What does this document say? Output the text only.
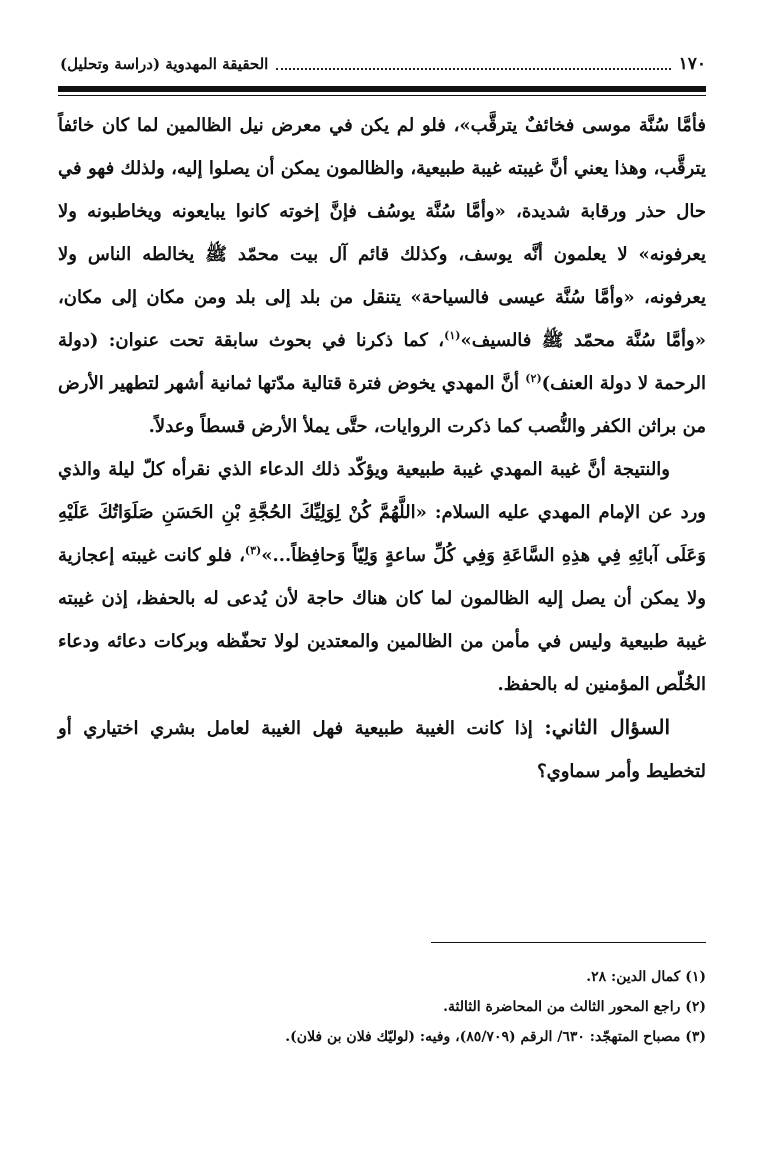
١٧٠
الحقيقة المهدوية (دراسة وتحليل)

فأمَّا سُنَّة موسى فخائفٌ يترقَّب»، فلو لم يكن في معرض نيل الظالمين لما كان خائفاً يترقَّب، وهذا يعني أنَّ غيبته غيبة طبيعية، والظالمون يمكن أن يصلوا إليه، ولذلك فهو في حال حذر ورقابة شديدة، «وأمَّا سُنَّة يوسُف فإنَّ إخوته كانوا يبايعونه ويخاطبونه ولا يعرفونه» لا يعلمون أنَّه يوسف، وكذلك قائم آل بيت محمّد ﷺ يخالطه الناس ولا يعرفونه، «وأمَّا سُنَّة عيسى فالسياحة» يتنقل من بلد إلى بلد ومن مكان إلى مكان، «وأمَّا سُنَّة محمّد ﷺ فالسيف»$^{(١)}$، كما ذكرنا في بحوث سابقة تحت عنوان: (دولة الرحمة لا دولة العنف)$^{(٢)}$ أنَّ المهدي يخوض فترة قتالية مدّتها ثمانية أشهر لتطهير الأرض من براثن الكفر والنُّصب كما ذكرت الروايات، حتَّى يملأ الأرض قسطاً وعدلاً.

والنتيجة أنَّ غيبة المهدي غيبة طبيعية ويؤكّد ذلك الدعاء الذي نقرأه كلّ ليلة والذي ورد عن الإمام المهدي عليه السلام: «اللَّهُمَّ كُنْ لِوَلِيِّكَ الحُجَّةِ بْنِ الحَسَنِ صَلَوَاتُكَ عَلَيْهِ وَعَلَى آبائِهِ فِي هذِهِ السَّاعَةِ وَفِي كُلِّ ساعةٍ وَلِيّاً وَحافِظاً...»$^{(٣)}$، فلو كانت غيبته إعجازية ولا يمكن أن يصل إليه الظالمون لما كان هناك حاجة لأن يُدعى له بالحفظ، إذن غيبته غيبة طبيعية وليس في مأمن من الظالمين والمعتدين لولا تحفّظه وبركات دعائه ودعاء الخُلّص المؤمنين له بالحفظ.

السؤال الثاني: إذا كانت الغيبة طبيعية فهل الغيبة لعامل بشري اختياري أو لتخطيط وأمر سماوي؟

(١) كمال الدين: ٢٨.
(٢) راجع المحور الثالث من المحاضرة الثالثة.
(٣) مصباح المتهجّد: ٦٣٠/ الرقم (٨٥/٧٠٩)، وفيه: (لوليّك فلان بن فلان).
